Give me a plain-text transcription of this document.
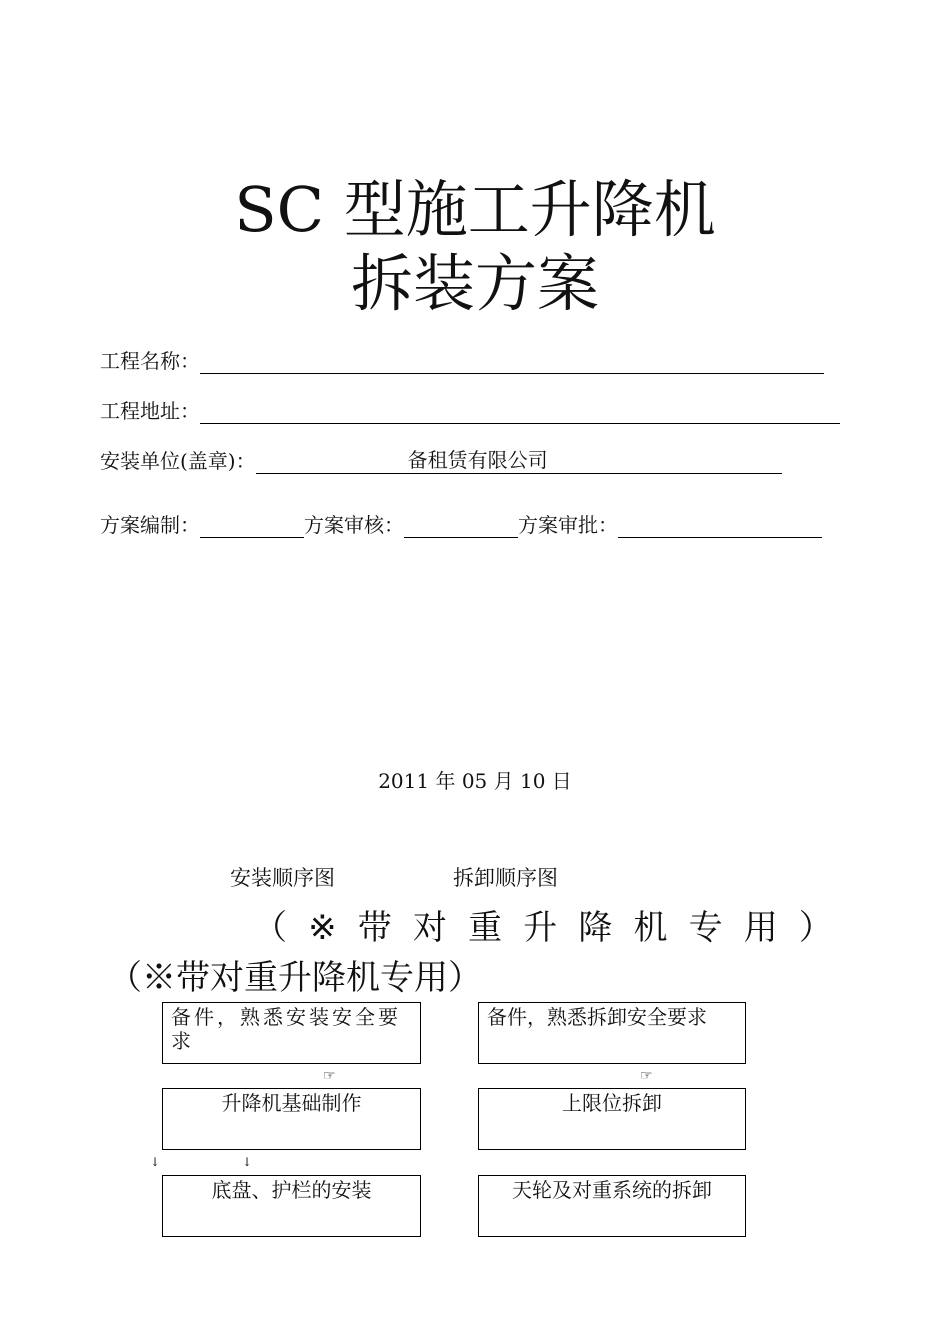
SC 型施工升降机
拆装方案
工程名称：
工程地址：
安装单位(盖章)：	备租赁有限公司
方案编制：	方案审核：	方案审批：
2011 年 05 月 10 日
安装顺序图	拆卸顺序图
（ ※ 带 对 重 升 降 机 专 用 ）
（※带对重升降机专用）
备件，熟悉安装安全要求
☞
升降机基础制作
↓	↓
底盘、护栏的安装
备件，熟悉拆卸安全要求
☞
上限位拆卸
天轮及对重系统的拆卸
